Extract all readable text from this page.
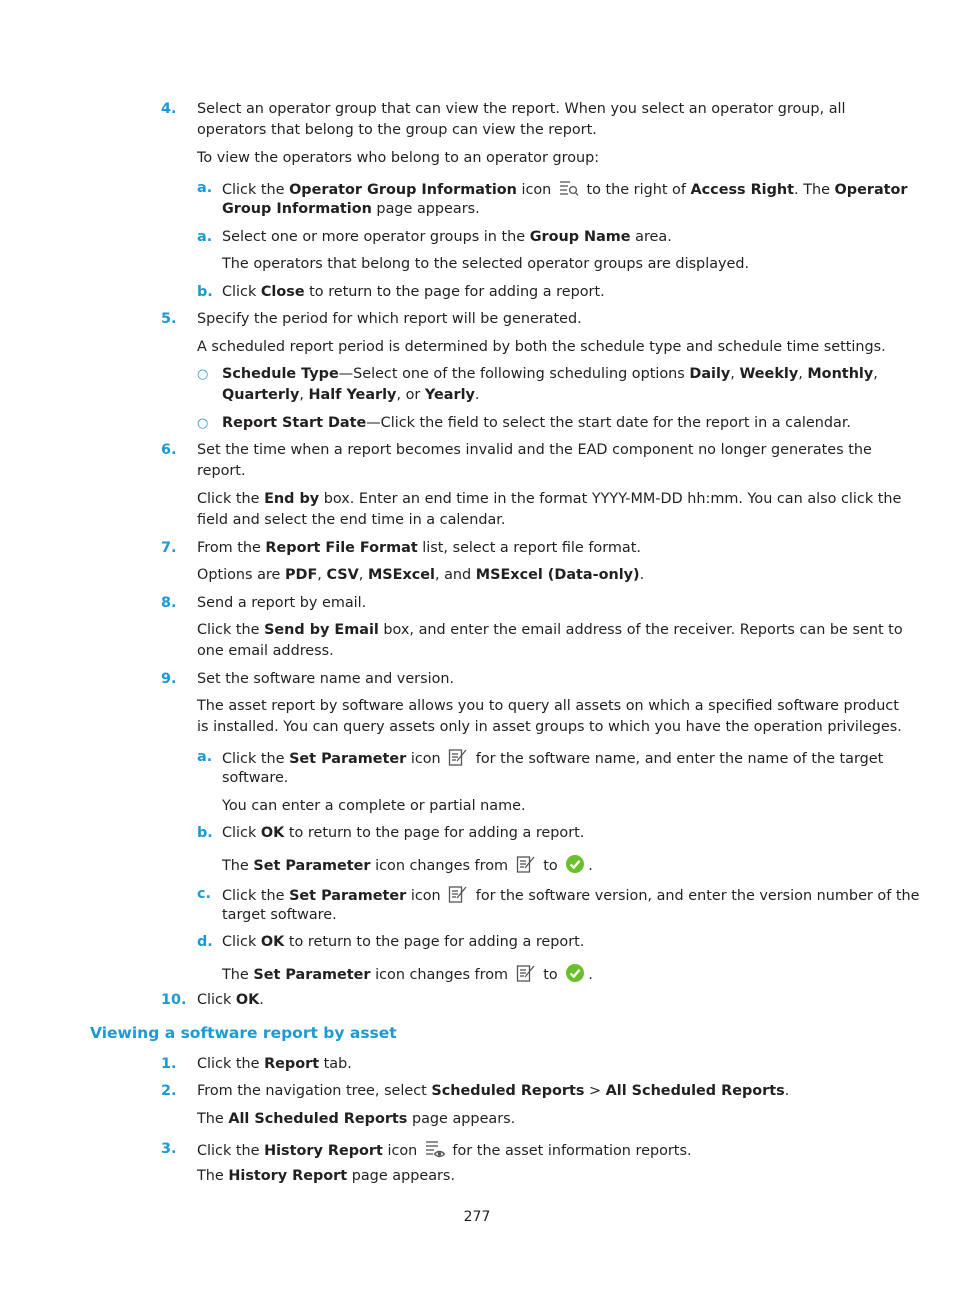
4. Select an operator group that can view the report. When you select an operator group, all
operators that belong to the group can view the report.
To view the operators who belong to an operator group:
a. Click the Operator Group Information icon
to the right of Access Right. The Operator
Group Information page appears.
a. Select one or more operator groups in the Group Name area.
The operators that belong to the selected operator groups are displayed.
b. Click Close to return to the page for adding a report.
5. Specify the period for which report will be generated.
A scheduled report period is determined by both the schedule type and schedule time settings.
○ Schedule Type—Select one of the following scheduling options Daily, Weekly, Monthly,
Quarterly, Half Yearly, or Yearly.
○ Report Start Date—Click the field to select the start date for the report in a calendar.
6. Set the time when a report becomes invalid and the EAD component no longer generates the
report.
Click the End by box. Enter an end time in the format YYYY-MM-DD hh:mm. You can also click the
field and select the end time in a calendar.
7. From the Report File Format list, select a report file format.
Options are PDF, CSV, MSExcel, and MSExcel (Data-only).
8. Send a report by email.
Click the Send by Email box, and enter the email address of the receiver. Reports can be sent to
one email address.
9. Set the software name and version.
The asset report by software allows you to query all assets on which a specified software product
is installed. You can query assets only in asset groups to which you have the operation privileges.
a. Click the Set Parameter icon
for the software name, and enter the name of the target
software.
You can enter a complete or partial name.
b. Click OK to return to the page for adding a report.
The Set Parameter icon changes from
to
.
c. Click the Set Parameter icon
for the software version, and enter the version number of the
target software.
d. Click OK to return to the page for adding a report.
The Set Parameter icon changes from
to
.
10. Click OK.
Viewing a software report by asset
1. Click the Report tab.
2. From the navigation tree, select Scheduled Reports > All Scheduled Reports.
The All Scheduled Reports page appears.
3. Click the History Report icon
for the asset information reports.
The History Report page appears.
277
